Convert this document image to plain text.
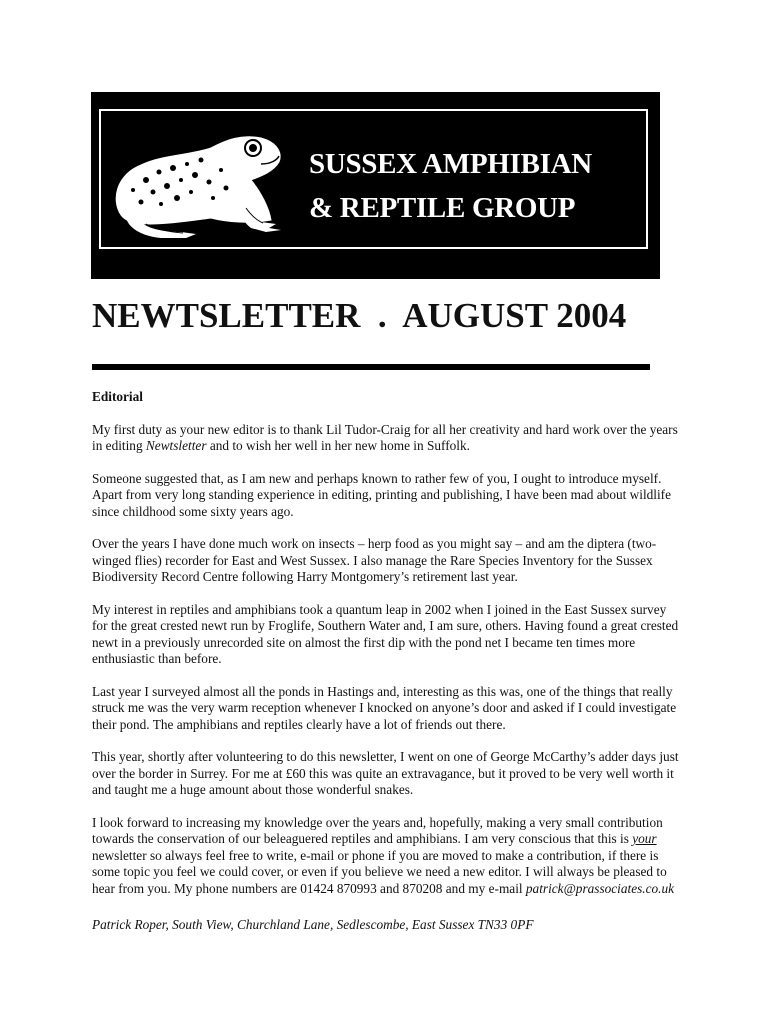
SUSSEX AMPHIBIAN
& REPTILE GROUP
NEWTSLETTER  .  AUGUST 2004
Editorial

My first duty as your new editor is to thank Lil Tudor-Craig for all her creativity and hard work over the years in editing Newtsletter and to wish her well in her new home in Suffolk.

Someone suggested that, as I am new and perhaps known to rather few of you, I ought to introduce myself. Apart from very long standing experience in editing, printing and publishing, I have been mad about wildlife since childhood some sixty years ago.

Over the years I have done much work on insects – herp food as you might say – and am the diptera (two-winged flies) recorder for East and West Sussex. I also manage the Rare Species Inventory for the Sussex Biodiversity Record Centre following Harry Montgomery’s retirement last year.

My interest in reptiles and amphibians took a quantum leap in 2002 when I joined in the East Sussex survey for the great crested newt run by Froglife, Southern Water and, I am sure, others. Having found a great crested newt in a previously unrecorded site on almost the first dip with the pond net I became ten times more enthusiastic than before.

Last year I surveyed almost all the ponds in Hastings and, interesting as this was, one of the things that really struck me was the very warm reception whenever I knocked on anyone’s door and asked if I could investigate their pond. The amphibians and reptiles clearly have a lot of friends out there.

This year, shortly after volunteering to do this newsletter, I went on one of George McCarthy’s adder days just over the border in Surrey. For me at £60 this was quite an extravagance, but it proved to be very well worth it and taught me a huge amount about those wonderful snakes.

I look forward to increasing my knowledge over the years and, hopefully, making a very small contribution towards the conservation of our beleaguered reptiles and amphibians. I am very conscious that this is your newsletter so always feel free to write, e-mail or phone if you are moved to make a contribution, if there is some topic you feel we could cover, or even if you believe we need a new editor. I will always be pleased to hear from you. My phone numbers are 01424 870993 and 870208 and my e-mail patrick@prassociates.co.uk

Patrick Roper, South View, Churchland Lane, Sedlescombe, East Sussex TN33 0PF
